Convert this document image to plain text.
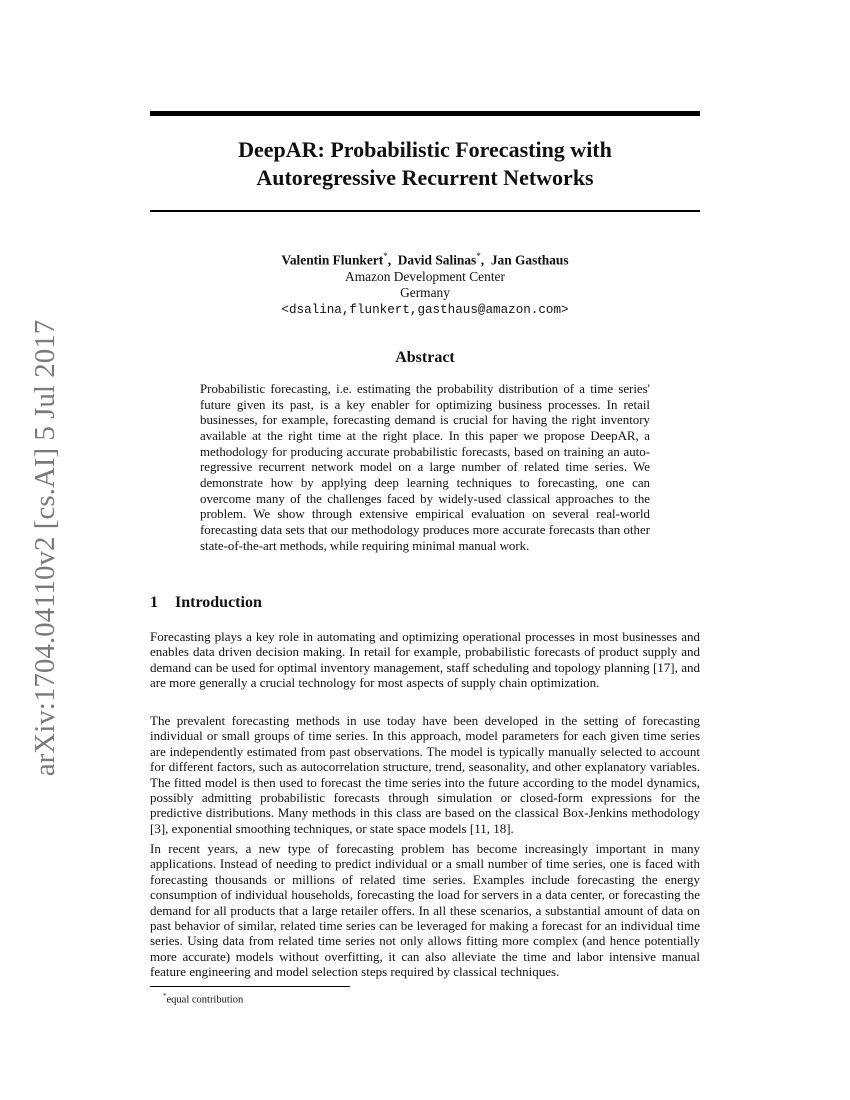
arXiv:1704.04110v2 [cs.AI] 5 Jul 2017
DeepAR: Probabilistic Forecasting with
Autoregressive Recurrent Networks
Valentin Flunkert*,  David Salinas*,  Jan Gasthaus
Amazon Development Center
Germany
<dsalina,flunkert,gasthaus@amazon.com>
Abstract

Probabilistic forecasting, i.e. estimating the probability distribution of a time series' future given its past, is a key enabler for optimizing business processes. In retail businesses, for example, forecasting demand is crucial for having the right inventory available at the right time at the right place. In this paper we propose DeepAR, a methodology for producing accurate probabilistic forecasts, based on training an auto-regressive recurrent network model on a large number of related time series. We demonstrate how by applying deep learning techniques to forecasting, one can overcome many of the challenges faced by widely-used classical approaches to the problem. We show through extensive empirical evaluation on several real-world forecasting data sets that our methodology produces more accurate forecasts than other state-of-the-art methods, while requiring minimal manual work.

1 Introduction

Forecasting plays a key role in automating and optimizing operational processes in most businesses and enables data driven decision making. In retail for example, probabilistic forecasts of product supply and demand can be used for optimal inventory management, staff scheduling and topology planning [17], and are more generally a crucial technology for most aspects of supply chain optimization.

The prevalent forecasting methods in use today have been developed in the setting of forecasting individual or small groups of time series. In this approach, model parameters for each given time series are independently estimated from past observations. The model is typically manually selected to account for different factors, such as autocorrelation structure, trend, seasonality, and other explanatory variables. The fitted model is then used to forecast the time series into the future according to the model dynamics, possibly admitting probabilistic forecasts through simulation or closed-form expressions for the predictive distributions. Many methods in this class are based on the classical Box-Jenkins methodology [3], exponential smoothing techniques, or state space models [11, 18].

In recent years, a new type of forecasting problem has become increasingly important in many applications. Instead of needing to predict individual or a small number of time series, one is faced with forecasting thousands or millions of related time series. Examples include forecasting the energy consumption of individual households, forecasting the load for servers in a data center, or forecasting the demand for all products that a large retailer offers. In all these scenarios, a substantial amount of data on past behavior of similar, related time series can be leveraged for making a forecast for an individual time series. Using data from related time series not only allows fitting more complex (and hence potentially more accurate) models without overfitting, it can also alleviate the time and labor intensive manual feature engineering and model selection steps required by classical techniques.

*equal contribution
